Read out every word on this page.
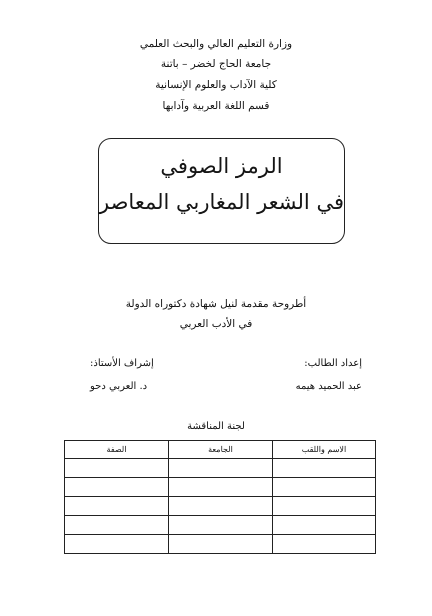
وزارة التعليم العالي والبحث العلمي
جامعة الحاج لخضر – باتنة
كلية الآداب والعلوم الإنسانية
قسم اللغة العربية وآدابها
الرمز الصوفي
في الشعر المغاربي المعاصر
أطروحة مقدمة لنيل شهادة دكتوراه الدولة
في الأدب العربي
إعداد الطالب:
عبد الحميد هيمه
إشراف الأستاذ:
د. العربي دحو
لجنة المناقشة
الاسم واللقب	الجامعة	الصفة
